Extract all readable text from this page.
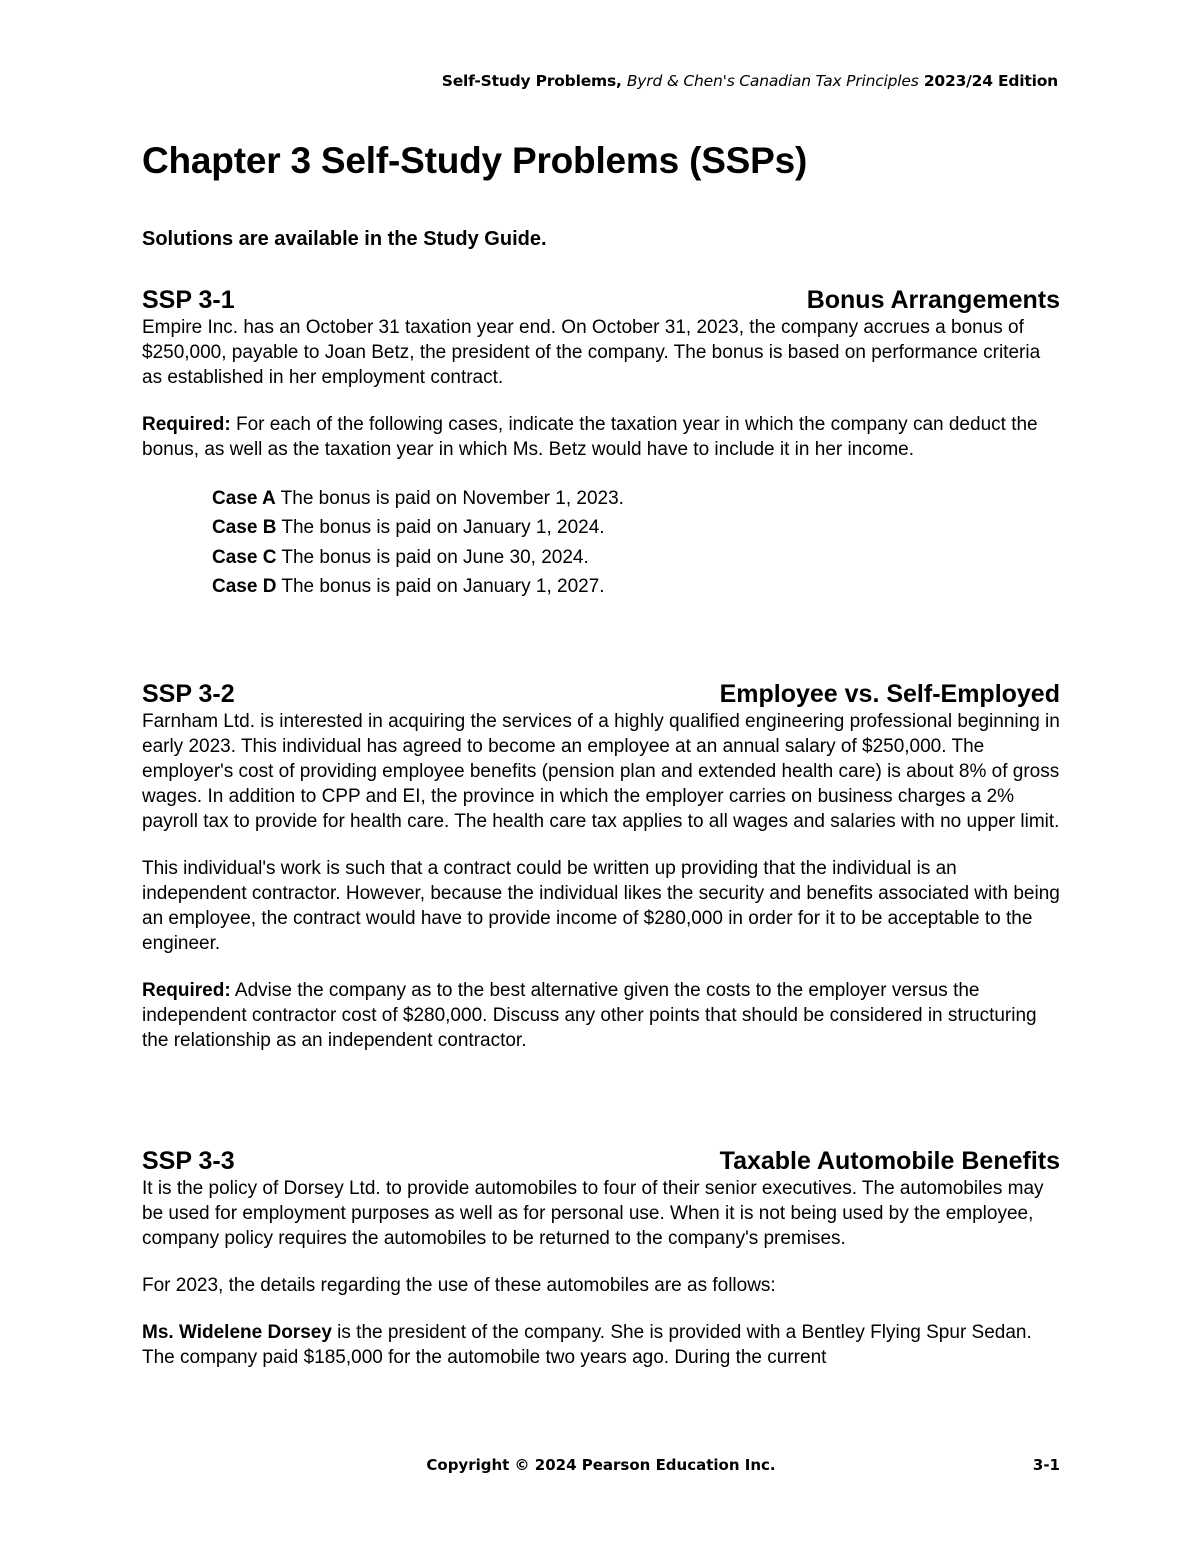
Self-Study Problems, Byrd & Chen's Canadian Tax Principles 2023/24 Edition
Chapter 3 Self-Study Problems (SSPs)
Solutions are available in the Study Guide.
SSP 3-1	Bonus Arrangements

Empire Inc. has an October 31 taxation year end. On October 31, 2023, the company accrues a bonus of $250,000, payable to Joan Betz, the president of the company. The bonus is based on performance criteria as established in her employment contract.

Required: For each of the following cases, indicate the taxation year in which the company can deduct the bonus, as well as the taxation year in which Ms. Betz would have to include it in her income.

Case A The bonus is paid on November 1, 2023.
Case B The bonus is paid on January 1, 2024.
Case C The bonus is paid on June 30, 2024.
Case D The bonus is paid on January 1, 2027.
SSP 3-2	Employee vs. Self-Employed

Farnham Ltd. is interested in acquiring the services of a highly qualified engineering professional beginning in early 2023. This individual has agreed to become an employee at an annual salary of $250,000. The employer's cost of providing employee benefits (pension plan and extended health care) is about 8% of gross wages. In addition to CPP and EI, the province in which the employer carries on business charges a 2% payroll tax to provide for health care. The health care tax applies to all wages and salaries with no upper limit.

This individual's work is such that a contract could be written up providing that the individual is an independent contractor. However, because the individual likes the security and benefits associated with being an employee, the contract would have to provide income of $280,000 in order for it to be acceptable to the engineer.

Required: Advise the company as to the best alternative given the costs to the employer versus the independent contractor cost of $280,000. Discuss any other points that should be considered in structuring the relationship as an independent contractor.

SSP 3-3	Taxable Automobile Benefits

It is the policy of Dorsey Ltd. to provide automobiles to four of their senior executives. The automobiles may be used for employment purposes as well as for personal use. When it is not being used by the employee, company policy requires the automobiles to be returned to the company's premises.

For 2023, the details regarding the use of these automobiles are as follows:

Ms. Widelene Dorsey is the president of the company. She is provided with a Bentley Flying Spur Sedan. The company paid $185,000 for the automobile two years ago. During the current

Copyright © 2024 Pearson Education Inc.	3-1
